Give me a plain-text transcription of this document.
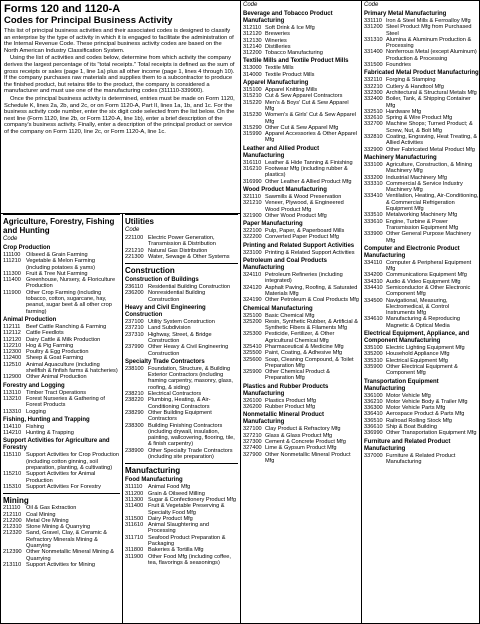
Forms 120 and 1120-A
Codes for Principal Business Activity

This list of principal business activities and their associated codes is designed to classify an enterprise by the type of activity in which it is engaged to facilitate the administration of the Internal Revenue Code. These principal business activity codes are based on the North American Industry Classification System.

Using the list of activities and codes below, determine from which activity the company derives the largest percentage of its "total receipts." Total receipts is defined as the sum of gross receipts or sales (page 1, line 1a) plus all other income (page 1, lines 4 through 10). If the company purchases raw materials and supplies them to a subcontractor to produce the finished product, but retains title to the product, the company is considered a manufacturer and must use one of the manufacturing codes (311110-339900).

Once the principal business activity is determined, entries must be made on Form 1120, Schedule K, lines 2a, 2b, and 2c, or on Form 1120-A, Part II, lines 1a, 1b, and 1c. For the business activity code number, enter the six digit code selected from the list below. On the next line (Form 1120, line 2b, or Form 1120-A, line 1b), enter a brief description of the company's business activity. Finally, enter a description of the principal product or service of the company on Form 1120, line 2c, or Form 1120-A, line 1c.

Agriculture, Forestry, Fishing and Hunting
Code
Crop Production
111100 Oilseed & Grain Farming
111210 Vegetable & Melon Farming (including potatoes & yams)
111300 Fruit & Tree Nut Farming
111400 Greenhouse, Nursery, & Floriculture Production
111900 Other Crop Farming (including tobacco, cotton, sugarcane, hay, peanut, sugar beet & all other crop farming)
Animal Production
112111 Beef Cattle Ranching & Farming
112112 Cattle Feedlots
112120 Dairy Cattle & Milk Production
112210 Hog & Pig Farming
112300 Poultry & Egg Production
112400 Sheep & Goat Farming
112510 Animal Aquaculture (including shellfish & finfish farms & hatcheries)
112900 Other Animal Production
Forestry and Logging
113110 Timber Tract Operations
113210 Forest Nurseries & Gathering of Forest Products
113310 Logging
Fishing, Hunting and Trapping
114110 Fishing
114210 Hunting & Trapping
Support Activities for Agriculture and Forestry
115110 Support Activities for Crop Production (including cotton ginning, soil preparation, planting, & cultivating)
115210 Support Activities for Animal Production
115310 Support Activities For Forestry
Mining
211110 Oil & Gas Extraction
212110 Coal Mining
212200 Metal Ore Mining
212310 Stone Mining & Quarrying
212320 Sand, Gravel, Clay, & Ceramic & Refractory Minerals Mining & Quarrying
212390 Other Nonmetallic Mineral Mining & Quarrying
213110 Support Activities for Mining
Utilities
Code
221100 Electric Power Generation, Transmission & Distribution
221210 Natural Gas Distribution
221300 Water, Sewage & Other Systems
Construction
Construction of Buildings
236110 Residential Building Construction
236200 Nonresidential Building Construction
Heavy and Civil Engineering Construction
237100 Utility System Construction
237210 Land Subdivision
237310 Highway, Street, & Bridge Construction
237990 Other Heavy & Civil Engineering Construction
Specialty Trade Contractors
238100 Foundation, Structure, & Building Exterior Contractors (including framing carpentry, masonry, glass, roofing, & siding)
238210 Electrical Contractors
238220 Plumbing, Heating, & Air-Conditioning Contractors
238290 Other Building Equipment Contractors
238300 Building Finishing Contractors (including drywall, insulation, painting, wallcovering, flooring, tile, & finish carpentry)
238900 Other Specialty Trade Contractors (including site preparation)
Manufacturing
Food Manufacturing
311110 Animal Food Mfg
311200 Grain & Oilseed Milling
311300 Sugar & Confectionery Product Mfg
311400 Fruit & Vegetable Preserving & Specialty Food Mfg
311500 Dairy Product Mfg
311610 Animal Slaughtering and Processing
311710 Seafood Product Preparation & Packaging
311800 Bakeries & Tortilla Mfg
311900 Other Food Mfg (including coffee, tea, flavorings & seasonings)
Code
Beverage and Tobacco Product Manufacturing
312110 Soft Drink & Ice Mfg
312120 Breweries
312130 Wineries
312140 Distilleries
312200 Tobacco Manufacturing
Textile Mills and Textile Product Mills
313000 Textile Mills
314000 Textile Product Mills
Apparel Manufacturing
315100 Apparel Knitting Mills
315210 Cut & Sew Apparel Contractors
315220 Men's & Boys' Cut & Sew Apparel Mfg
315230 Women's & Girls' Cut & Sew Apparel Mfg
315290 Other Cut & Sew Apparel Mfg
315990 Apparel Accessories & Other Apparel Mfg
Leather and Allied Product Manufacturing
316110 Leather & Hide Tanning & Finishing
316210 Footwear Mfg (including rubber & plastics)
316990 Other Leather & Allied Product Mfg
Wood Product Manufacturing
321110 Sawmills & Wood Preservation
321210 Veneer, Plywood, & Engineered Wood Product Mfg
321900 Other Wood Product Mfg
Paper Manufacturing
322100 Pulp, Paper, & Paperboard Mills
322200 Converted Paper Product Mfg
Printing and Related Support Activities
323100 Printing & Related Support Activities
Petroleum and Coal Products Manufacturing
324110 Petroleum Refineries (including integrated)
324120 Asphalt Paving, Roofing, & Saturated Materials Mfg
324190 Other Petroleum & Coal Products Mfg
Chemical Manufacturing
325100 Basic Chemical Mfg
325200 Resin, Synthetic Rubber, & Artificial & Synthetic Fibers & Filaments Mfg
325300 Pesticide, Fertilizer, & Other Agricultural Chemical Mfg
325410 Pharmaceutical & Medicine Mfg
325500 Paint, Coating, & Adhesive Mfg
325600 Soap, Cleaning Compound, & Toilet Preparation Mfg
325900 Other Chemical Product & Preparation Mfg
Plastics and Rubber Products Manufacturing
326100 Plastics Product Mfg
326200 Rubber Product Mfg
Nonmetallic Mineral Product Manufacturing
327100 Clay Product & Refractory Mfg
327210 Glass & Glass Product Mfg
327300 Cement & Concrete Product Mfg
327400 Lime & Gypsum Product Mfg
327900 Other Nonmetallic Mineral Product Mfg
Code
Primary Metal Manufacturing
331110 Iron & Steel Mills & Ferroalloy Mfg
331200 Steel Product Mfg from Purchased Steel
331310 Alumina & Aluminum Production & Processing
331400 Nonferrous Metal (except Aluminum) Production & Processing
331500 Foundries
Fabricated Metal Product Manufacturing
332110 Forging & Stamping
332210 Cutlery & Handtool Mfg
332300 Architectural & Structural Metals Mfg
332400 Boiler, Tank, & Shipping Container Mfg
332510 Hardware Mfg
332610 Spring & Wire Product Mfg
332700 Machine Shops; Turned Product; & Screw, Nut, & Bolt Mfg
332810 Coating, Engraving, Heat Treating, & Allied Activities
332900 Other Fabricated Metal Product Mfg
Machinery Manufacturing
333100 Agriculture, Construction, & Mining Machinery Mfg
333200 Industrial Machinery Mfg
333310 Commercial & Service Industry Machinery Mfg
333410 Ventilation, Heating, Air-Conditioning, & Commercial Refrigeration Equipment Mfg
333510 Metalworking Machinery Mfg
333610 Engine, Turbine & Power Transmission Equipment Mfg
333900 Other General Purpose Machinery Mfg
Computer and Electronic Product Manufacturing
334110 Computer & Peripheral Equipment Mfg
334200 Communications Equipment Mfg
334310 Audio & Video Equipment Mfg
334410 Semiconductor & Other Electronic Component Mfg
334500 Navigational, Measuring, Electromedical, & Control Instruments Mfg
334610 Manufacturing & Reproducing Magnetic & Optical Media
Electrical Equipment, Appliance, and Component Manufacturing
335100 Electric Lighting Equipment Mfg
335200 Household Appliance Mfg
335310 Electrical Equipment Mfg
335900 Other Electrical Equipment & Component Mfg
Transportation Equipment Manufacturing
336100 Motor Vehicle Mfg
336210 Motor Vehicle Body & Trailer Mfg
336300 Motor Vehicle Parts Mfg
336410 Aerospace Product & Parts Mfg
336510 Railroad Rolling Stock Mfg
336610 Ship & Boat Building
336990 Other Transportation Equipment Mfg
Furniture and Related Product Manufacturing
337000 Furniture & Related Product Manufacturing
